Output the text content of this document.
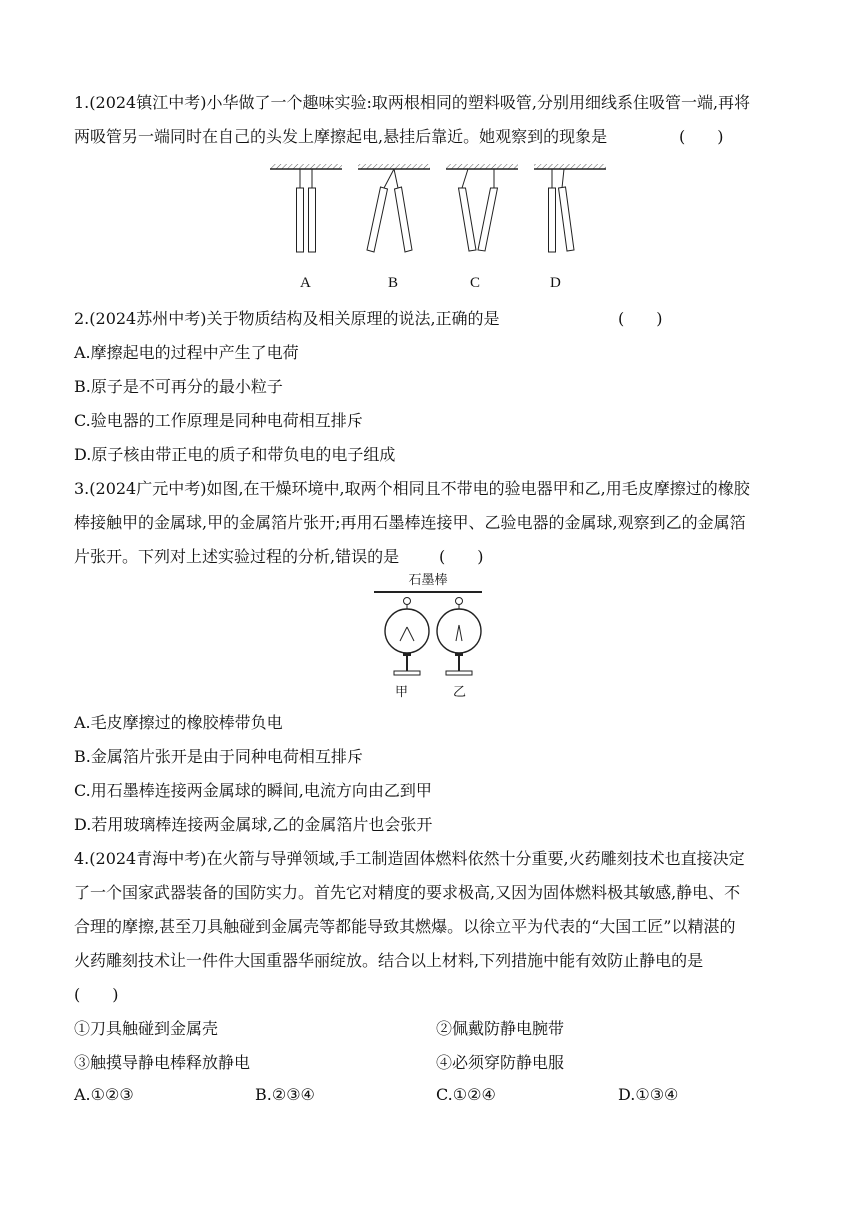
1.(2024镇江中考)小华做了一个趣味实验:取两根相同的塑料吸管,分别用细线系住吸管一端,再将
两吸管另一端同时在自己的头发上摩擦起电,悬挂后靠近。她观察到的现象是	(　　)
A	B	C	D
2.(2024苏州中考)关于物质结构及相关原理的说法,正确的是	(　　)
A.摩擦起电的过程中产生了电荷
B.原子是不可再分的最小粒子
C.验电器的工作原理是同种电荷相互排斥
D.原子核由带正电的质子和带负电的电子组成
3.(2024广元中考)如图,在干燥环境中,取两个相同且不带电的验电器甲和乙,用毛皮摩擦过的橡胶
棒接触甲的金属球,甲的金属箔片张开;再用石墨棒连接甲、乙验电器的金属球,观察到乙的金属箔
片张开。下列对上述实验过程的分析,错误的是 (　　)
石墨棒
甲	乙
A.毛皮摩擦过的橡胶棒带负电
B.金属箔片张开是由于同种电荷相互排斥
C.用石墨棒连接两金属球的瞬间,电流方向由乙到甲
D.若用玻璃棒连接两金属球,乙的金属箔片也会张开
4.(2024青海中考)在火箭与导弹领域,手工制造固体燃料依然十分重要,火药雕刻技术也直接决定
了一个国家武器装备的国防实力。首先它对精度的要求极高,又因为固体燃料极其敏感,静电、不
合理的摩擦,甚至刀具触碰到金属壳等都能导致其燃爆。以徐立平为代表的“大国工匠”以精湛的
火药雕刻技术让一件件大国重器华丽绽放。结合以上材料,下列措施中能有效防止静电的是
(　　)
①刀具触碰到金属壳	②佩戴防静电腕带
③触摸导静电棒释放静电	④必须穿防静电服
A.①②③	B.②③④	C.①②④	D.①③④
